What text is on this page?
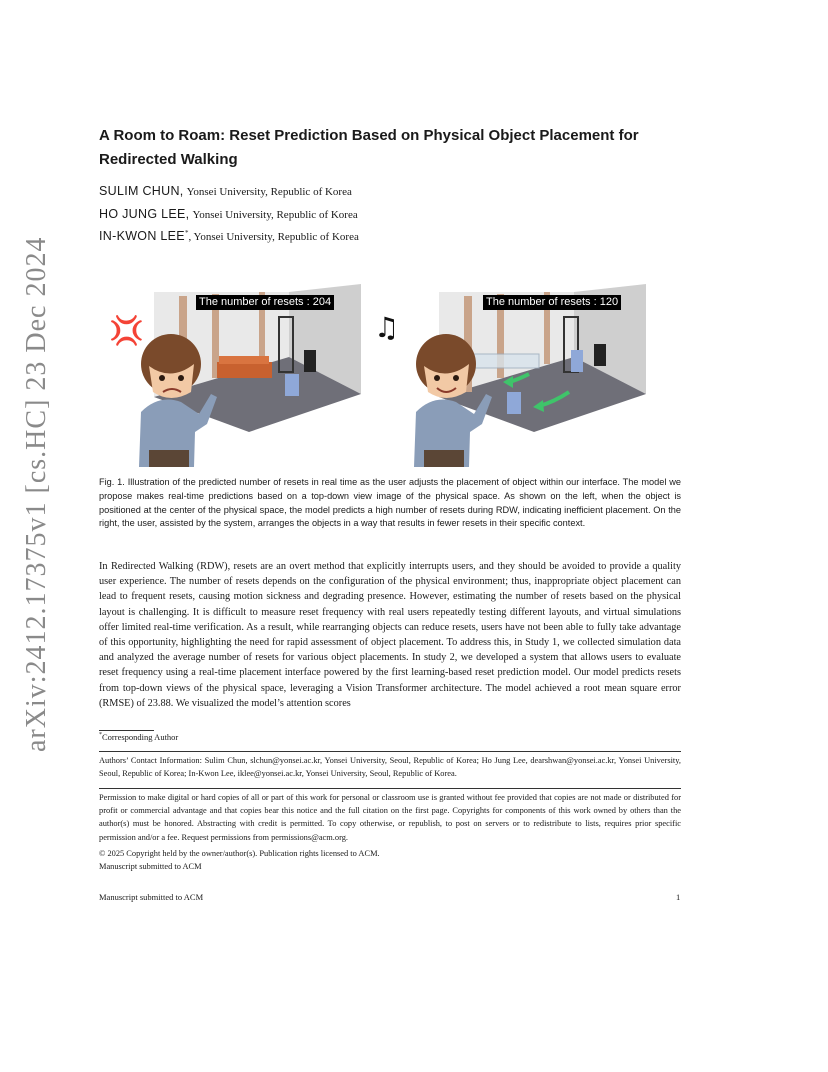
arXiv:2412.17375v1 [cs.HC] 23 Dec 2024
A Room to Roam: Reset Prediction Based on Physical Object Placement for Redirected Walking
SULIM CHUN, Yonsei University, Republic of Korea
HO JUNG LEE, Yonsei University, Republic of Korea
IN-KWON LEE*, Yonsei University, Republic of Korea
💢	♫
The number of resets : 204	The number of resets : 120
Fig. 1. Illustration of the predicted number of resets in real time as the user adjusts the placement of object within our interface. The model we propose makes real-time predictions based on a top-down view image of the physical space. As shown on the left, when the object is positioned at the center of the physical space, the model predicts a high number of resets during RDW, indicating inefficient placement. On the right, the user, assisted by the system, arranges the objects in a way that results in fewer resets in their specific context.
In Redirected Walking (RDW), resets are an overt method that explicitly interrupts users, and they should be avoided to provide a quality user experience. The number of resets depends on the configuration of the physical environment; thus, inappropriate object placement can lead to frequent resets, causing motion sickness and degrading presence. However, estimating the number of resets based on the physical layout is challenging. It is difficult to measure reset frequency with real users repeatedly testing different layouts, and virtual simulations offer limited real-time verification. As a result, while rearranging objects can reduce resets, users have not been able to fully take advantage of this opportunity, highlighting the need for rapid assessment of object placement. To address this, in Study 1, we collected simulation data and analyzed the average number of resets for various object placements. In study 2, we developed a system that allows users to evaluate reset frequency using a real-time placement interface powered by the first learning-based reset prediction model. Our model predicts resets from top-down views of the physical space, leveraging a Vision Transformer architecture. The model achieved a root mean square error (RMSE) of 23.88. We visualized the model’s attention scores
*Corresponding Author
Authors’ Contact Information: Sulim Chun, slchun@yonsei.ac.kr, Yonsei University, Seoul, Republic of Korea; Ho Jung Lee, dearshwan@yonsei.ac.kr, Yonsei University, Seoul, Republic of Korea; In-Kwon Lee, iklee@yonsei.ac.kr, Yonsei University, Seoul, Republic of Korea.
Permission to make digital or hard copies of all or part of this work for personal or classroom use is granted without fee provided that copies are not made or distributed for profit or commercial advantage and that copies bear this notice and the full citation on the first page. Copyrights for components of this work owned by others than the author(s) must be honored. Abstracting with credit is permitted. To copy otherwise, or republish, to post on servers or to redistribute to lists, requires prior specific permission and/or a fee. Request permissions from permissions@acm.org.
© 2025 Copyright held by the owner/author(s). Publication rights licensed to ACM.
Manuscript submitted to ACM
Manuscript submitted to ACM	1
